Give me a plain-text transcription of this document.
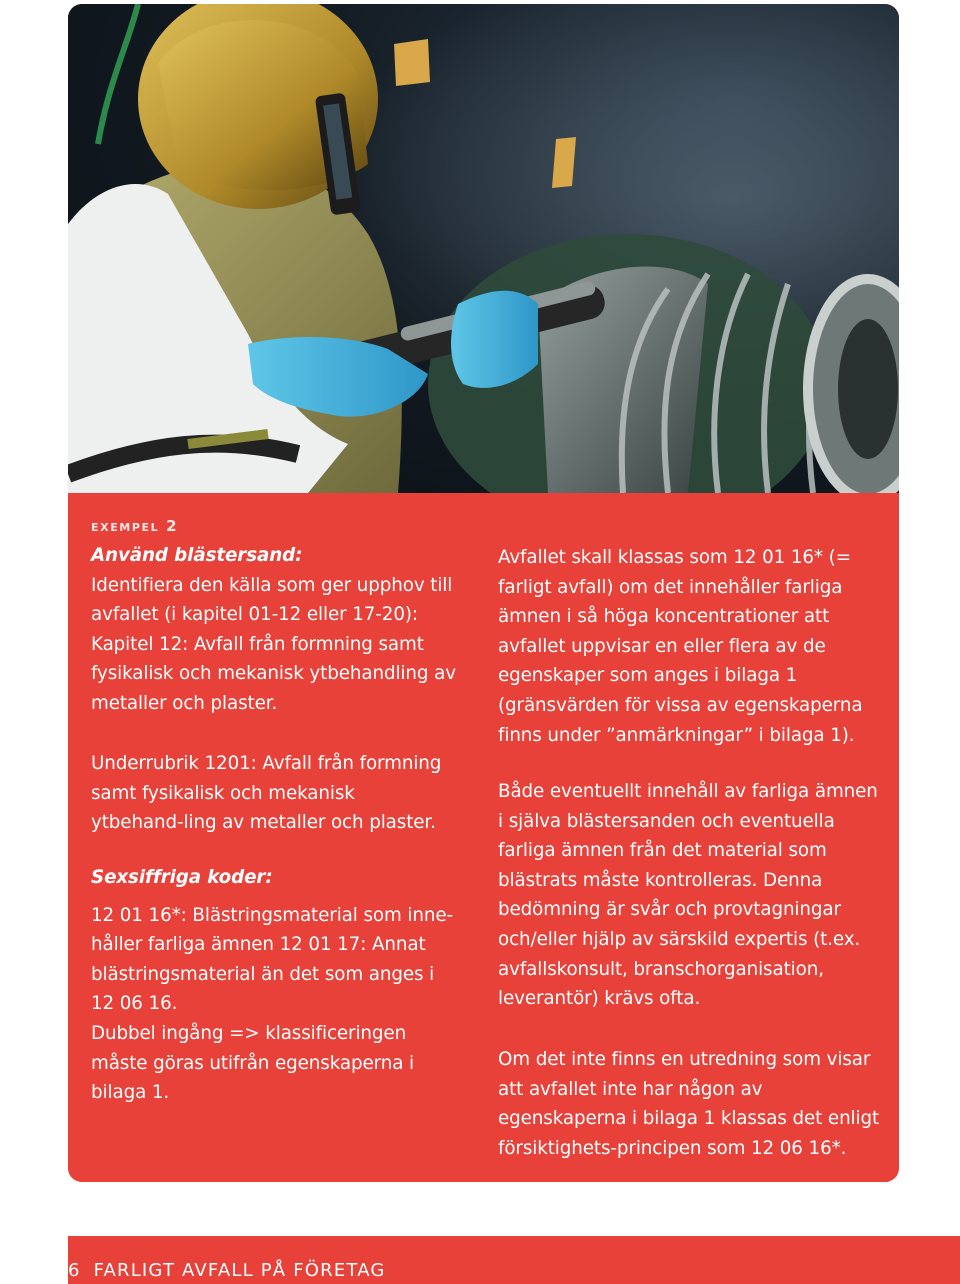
exempel 2
Använd blästersand:
Identifiera den källa som ger upphov till avfallet (i kapitel 01-12 eller 17-20): Kapitel 12: Avfall från formning samt fysikalisk och mekanisk ytbehandling av metaller och plaster.
Underrubrik 1201: Avfall från formning samt fysikalisk och mekanisk ytbehand-ling av metaller och plaster.
Sexsiffriga koder:
12 01 16*: Blästringsmaterial som inne-håller farliga ämnen 12 01 17: Annat blästringsmaterial än det som anges i 12 06 16.
Dubbel ingång => klassificeringen måste göras utifrån egenskaperna i bilaga 1.
Avfallet skall klassas som 12 01 16* (= farligt avfall) om det innehåller farliga ämnen i så höga koncentrationer att avfallet uppvisar en eller flera av de egenskaper som anges i bilaga 1 (gränsvärden för vissa av egenskaperna finns under ”anmärkningar” i bilaga 1).
Både eventuellt innehåll av farliga ämnen i själva blästersanden och eventuella farliga ämnen från det material som blästrats måste kontrolleras. Denna bedömning är svår och provtagningar och/eller hjälp av särskild expertis (t.ex. avfallskonsult, branschorganisation, leverantör) krävs ofta.
Om det inte finns en utredning som visar att avfallet inte har någon av egenskaperna i bilaga 1 klassas det enligt försiktighets-principen som 12 06 16*.
6 FARLIGT AVFALL PÅ FÖRETAG
